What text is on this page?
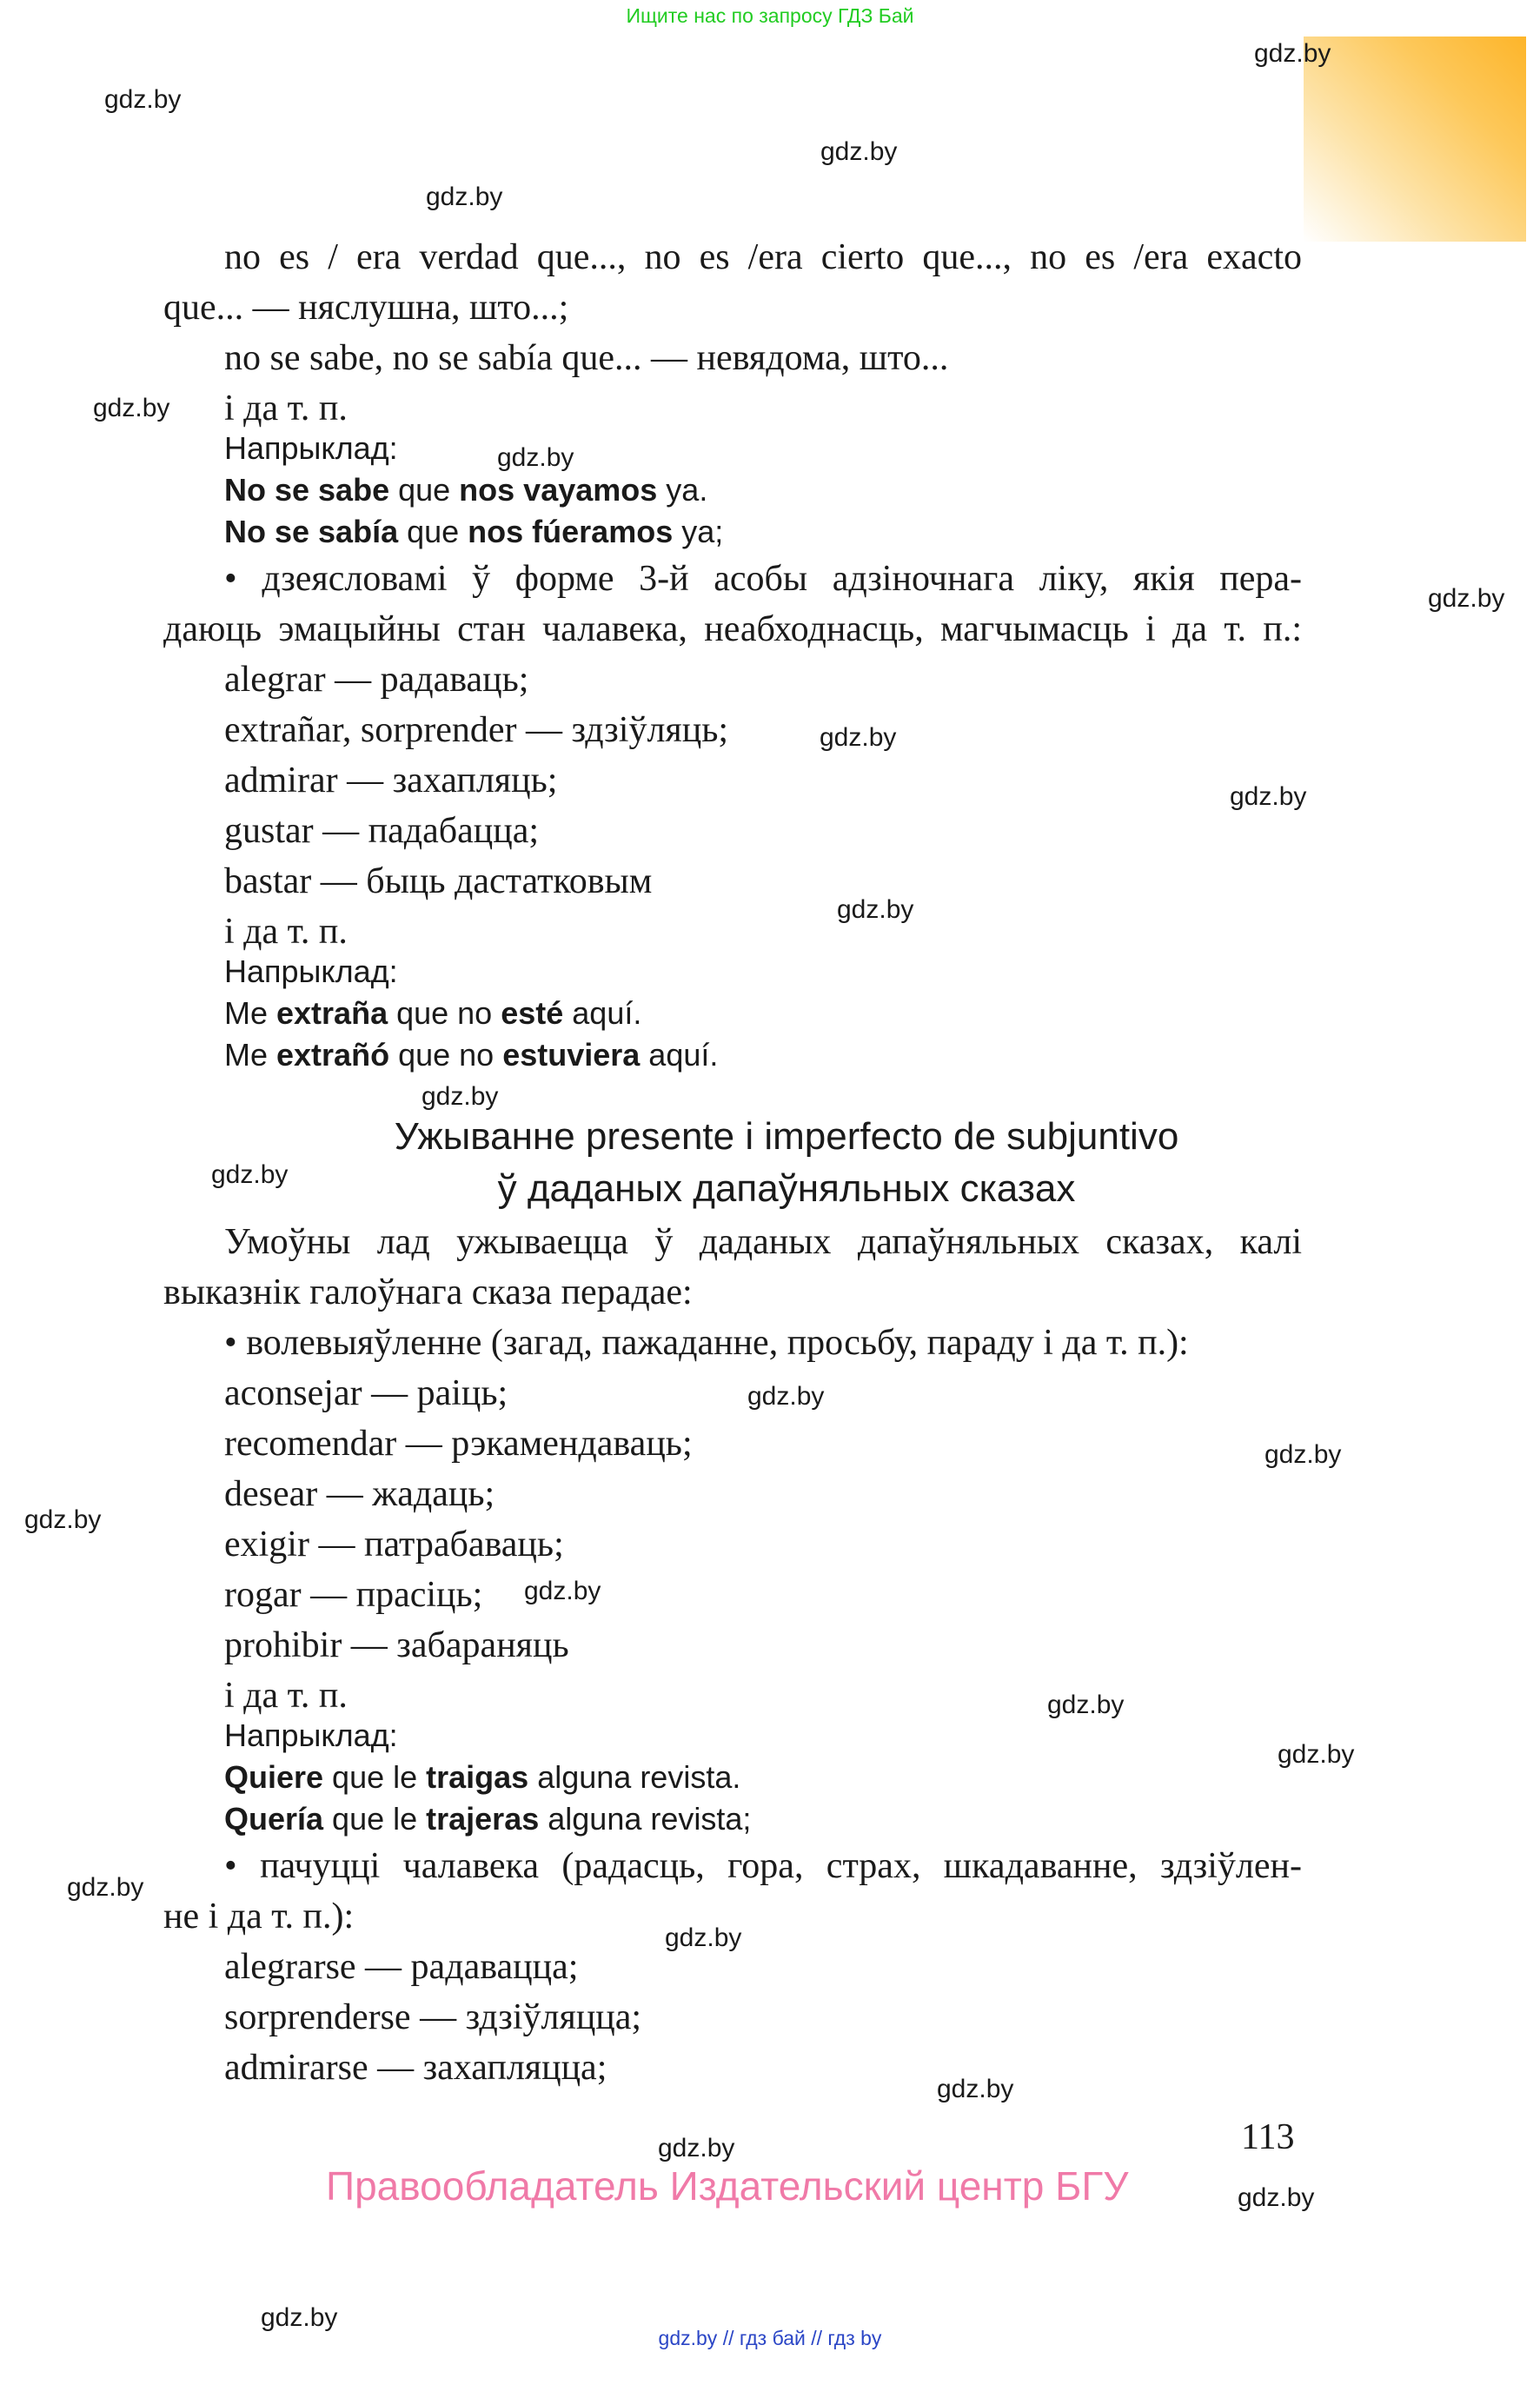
Ищите нас по запросу ГДЗ Бай
gdz.by
gdz.by
gdz.by
gdz.by
gdz.by
gdz.by
gdz.by
gdz.by
gdz.by
gdz.by
gdz.by
gdz.by
gdz.by
gdz.by
gdz.by
gdz.by
gdz.by
gdz.by
gdz.by
gdz.by
gdz.by
gdz.by
gdz.by
gdz.by
no es / era verdad que..., no es /era cierto que..., no es /era exacto
que... — няслушна, што...;
no se sabe, no se sabía que... — невядома, што...
і да т. п.
Напрыклад:
No se sabe que nos vayamos ya.
No se sabía que nos fúeramos ya;
• дзеясловамі ў форме 3-й асобы адзіночнага ліку, якія пера-
даюць эмацыйны стан чалавека, неабходнасць, магчымасць і да т. п.:
alegrar — радаваць;
extrañar, sorprender — здзіўляць;
admirar — захапляць;
gustar — падабацца;
bastar — быць дастатковым
і да т. п.
Напрыклад:
Me extraña que no esté aquí.
Me extrañó que no estuviera aquí.
Ужыванне presente і imperfecto de subjuntivo
ў даданых дапаўняльных сказах
Умоўны лад ужываецца ў даданых дапаўняльных сказах, калі
выказнік галоўнага сказа перадае:
• волевыяўленне (загад, пажаданне, просьбу, параду і да т. п.):
aconsejar — раіць;
recomendar — рэкамендаваць;
desear — жадаць;
exigir — патрабаваць;
rogar — прасіць;
prohibir — забараняць
і да т. п.
Напрыклад:
Quiere que le traigas alguna revista.
Quería que le trajeras alguna revista;
• пачуцці чалавека (радасць, гора, страх, шкадаванне, здзіўлен-
не і да т. п.):
alegrarse — радавацца;
sorprenderse — здзіўляцца;
admirarse — захапляцца;
113
Правообладатель Издательский центр БГУ
gdz.by // гдз бай // гдз by
